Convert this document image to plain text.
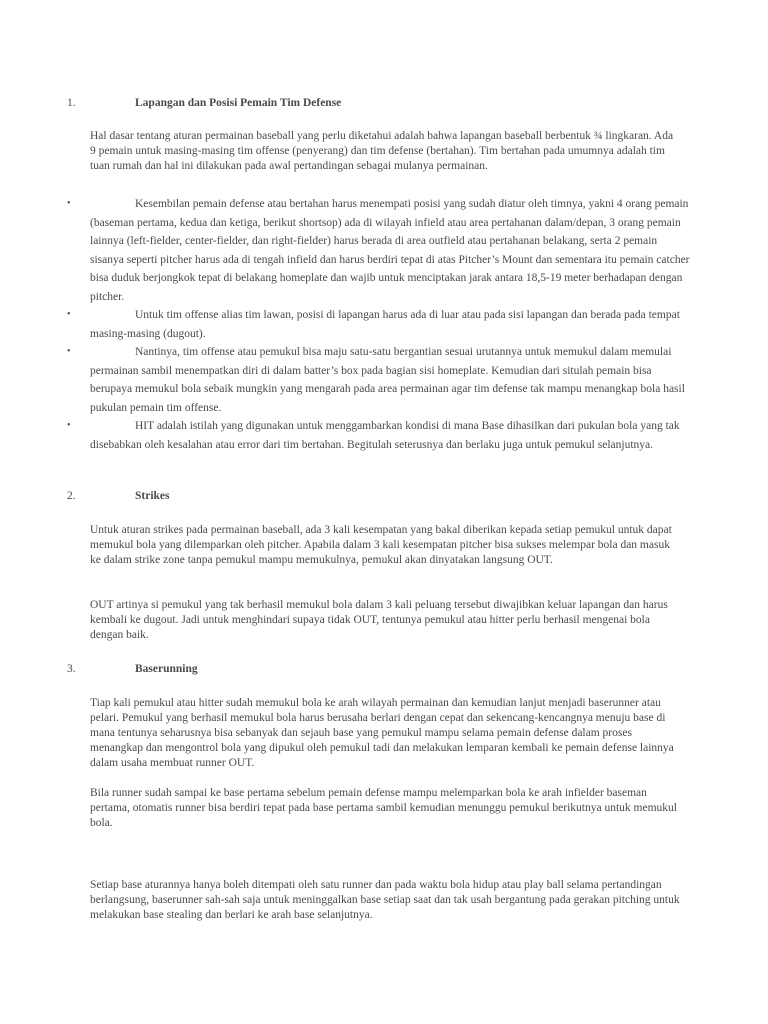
1.	Lapangan dan Posisi Pemain Tim Defense
Hal dasar tentang aturan permainan baseball yang perlu diketahui adalah bahwa lapangan baseball berbentuk ¾ lingkaran. Ada 9 pemain untuk masing-masing tim offense (penyerang) dan tim defense (bertahan). Tim bertahan pada umumnya adalah tim tuan rumah dan hal ini dilakukan pada awal pertandingan sebagai mulanya permainan.
•	Kesembilan pemain defense atau bertahan harus menempati posisi yang sudah diatur oleh timnya, yakni 4 orang pemain (baseman pertama, kedua dan ketiga, berikut shortsop) ada di wilayah infield atau area pertahanan dalam/depan, 3 orang pemain lainnya (left-fielder, center-fielder, dan right-fielder) harus berada di area outfield atau pertahanan belakang, serta 2 pemain sisanya seperti pitcher harus ada di tengah infield dan harus berdiri tepat di atas Pitcher’s Mount dan sementara itu pemain catcher bisa duduk berjongkok tepat di belakang homeplate dan wajib untuk menciptakan jarak antara 18,5-19 meter berhadapan dengan pitcher.
•	Untuk tim offense alias tim lawan, posisi di lapangan harus ada di luar atau pada sisi lapangan dan berada pada tempat masing-masing (dugout).
•	Nantinya, tim offense atau pemukul bisa maju satu-satu bergantian sesuai urutannya untuk memukul dalam memulai permainan sambil menempatkan diri di dalam batter’s box pada bagian sisi homeplate. Kemudian dari situlah pemain bisa berupaya memukul bola sebaik mungkin yang mengarah pada area permainan agar tim defense tak mampu menangkap bola hasil pukulan pemain tim offense.
•	HIT adalah istilah yang digunakan untuk menggambarkan kondisi di mana Base dihasilkan dari pukulan bola yang tak disebabkan oleh kesalahan atau error dari tim bertahan. Begitulah seterusnya dan berlaku juga untuk pemukul selanjutnya.
2.	Strikes
Untuk aturan strikes pada permainan baseball, ada 3 kali kesempatan yang bakal diberikan kepada setiap pemukul untuk dapat memukul bola yang dilemparkan oleh pitcher. Apabila dalam 3 kali kesempatan pitcher bisa sukses melempar bola dan masuk ke dalam strike zone tanpa pemukul mampu memukulnya, pemukul akan dinyatakan langsung OUT.
OUT artinya si pemukul yang tak berhasil memukul bola dalam 3 kali peluang tersebut diwajibkan keluar lapangan dan harus kembali ke dugout. Jadi untuk menghindari supaya tidak OUT, tentunya pemukul atau hitter perlu berhasil mengenai bola dengan baik.
3.	Baserunning
Tiap kali pemukul atau hitter sudah memukul bola ke arah wilayah permainan dan kemudian lanjut menjadi baserunner atau pelari. Pemukul yang berhasil memukul bola harus berusaha berlari dengan cepat dan sekencang-kencangnya menuju base di mana tentunya seharusnya bisa sebanyak dan sejauh base yang pemukul mampu selama pemain defense dalam proses menangkap dan mengontrol bola yang dipukul oleh pemukul tadi dan melakukan lemparan kembali ke pemain defense lainnya dalam usaha membuat runner OUT.
Bila runner sudah sampai ke base pertama sebelum pemain defense mampu melemparkan bola ke arah infielder baseman pertama, otomatis runner bisa berdiri tepat pada base pertama sambil kemudian menunggu pemukul berikutnya untuk memukul bola.
Setiap base aturannya hanya boleh ditempati oleh satu runner dan pada waktu bola hidup atau play ball selama pertandingan berlangsung, baserunner sah-sah saja untuk meninggalkan base setiap saat dan tak usah bergantung pada gerakan pitching untuk melakukan base stealing dan berlari ke arah base selanjutnya.
